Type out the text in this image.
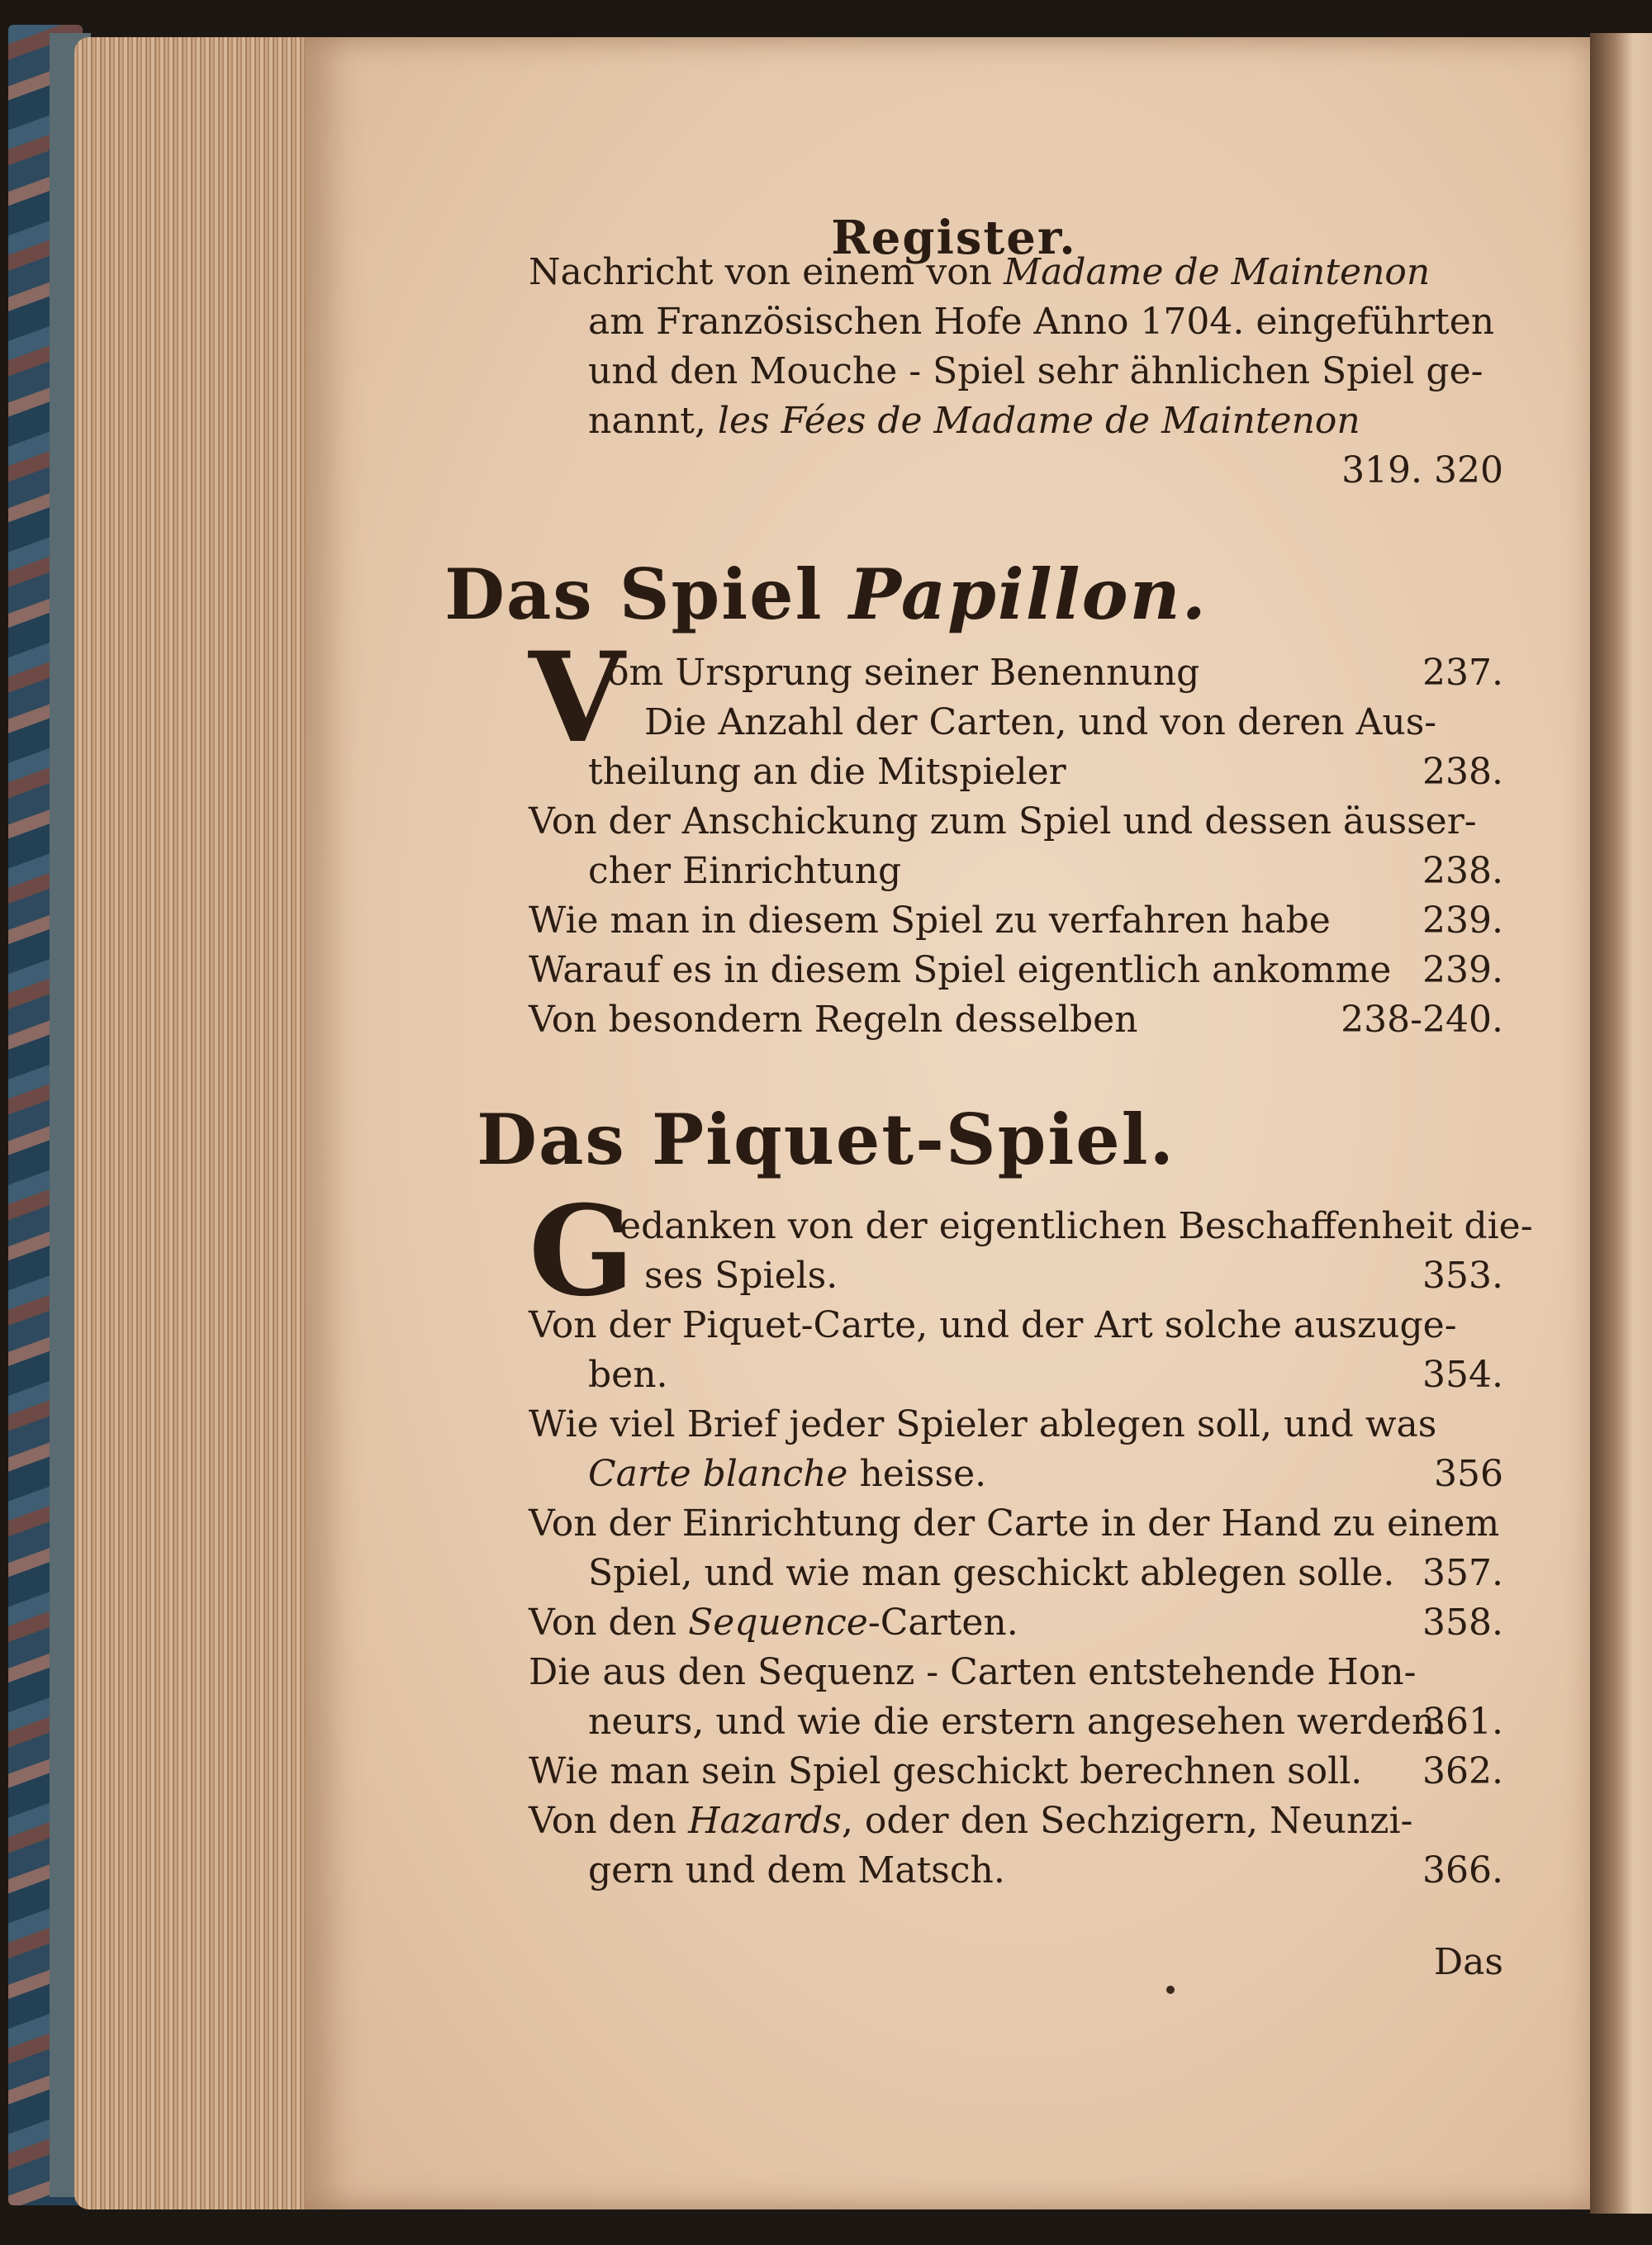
Register.
Nachricht von einem von Madame de Maintenon
am Französischen Hofe Anno 1704. eingeführten
und den Mouche - Spiel sehr ähnlichen Spiel ge-
nannt, les Fées de Madame de Maintenon
319. 320
Das Spiel Papillon.
V
om Ursprung seiner Benennung	237.
Die Anzahl der Carten, und von deren Aus-
theilung an die Mitspieler	238.
Von der Anschickung zum Spiel und dessen äusser-
cher Einrichtung	238.
Wie man in diesem Spiel zu verfahren habe	239.
Warauf es in diesem Spiel eigentlich ankomme 239.
Von besondern Regeln desselben	238-240.
Das Piquet-Spiel.
G
edanken von der eigentlichen Beschaffenheit die-
ses Spiels.	353.
Von der Piquet-Carte, und der Art solche auszuge-
ben.	354.
Wie viel Brief jeder Spieler ablegen soll, und was
Carte blanche heisse.	356
Von der Einrichtung der Carte in der Hand zu einem
Spiel, und wie man geschickt ablegen solle. 357.
Von den Sequence-Carten.	358.
Die aus den Sequenz - Carten entstehende Hon-
neurs, und wie die erstern angesehen werden.
361.
Wie man sein Spiel geschickt berechnen soll. 362.
Von den Hazards, oder den Sechzigern, Neunzi-
gern und dem Matsch.	366.
Das
